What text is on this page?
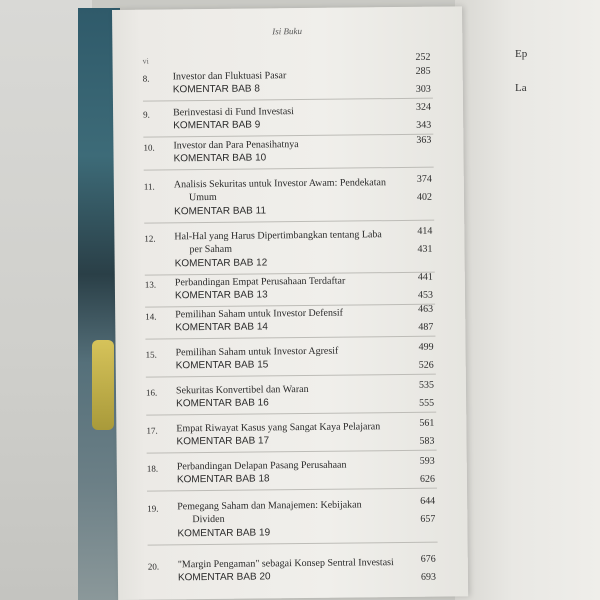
Ep
La
Isi Buku
vi	252
8. Investor dan Fluktuasi Pasar
KOMENTAR BAB 8
285
303
9. Berinvestasi di Fund Investasi
KOMENTAR BAB 9
324
343
10. Investor dan Para Penasihatnya
KOMENTAR BAB 10
363
11. Analisis Sekuritas untuk Investor Awam: Pendekatan
Umum
KOMENTAR BAB 11
374
402
12. Hal-Hal yang Harus Dipertimbangkan tentang Laba
per Saham
KOMENTAR BAB 12
414
431
13. Perbandingan Empat Perusahaan Terdaftar
KOMENTAR BAB 13
441
453
14. Pemilihan Saham untuk Investor Defensif
KOMENTAR BAB 14
463
487
15. Pemilihan Saham untuk Investor Agresif
KOMENTAR BAB 15
499
526
16. Sekuritas Konvertibel dan Waran
KOMENTAR BAB 16
535
555
17. Empat Riwayat Kasus yang Sangat Kaya Pelajaran
KOMENTAR BAB 17
561
583
18. Perbandingan Delapan Pasang Perusahaan
KOMENTAR BAB 18
593
626
19. Pemegang Saham dan Manajemen: Kebijakan
Dividen
KOMENTAR BAB 19
644
657
20. "Margin Pengaman" sebagai Konsep Sentral Investasi
KOMENTAR BAB 20
676
693
